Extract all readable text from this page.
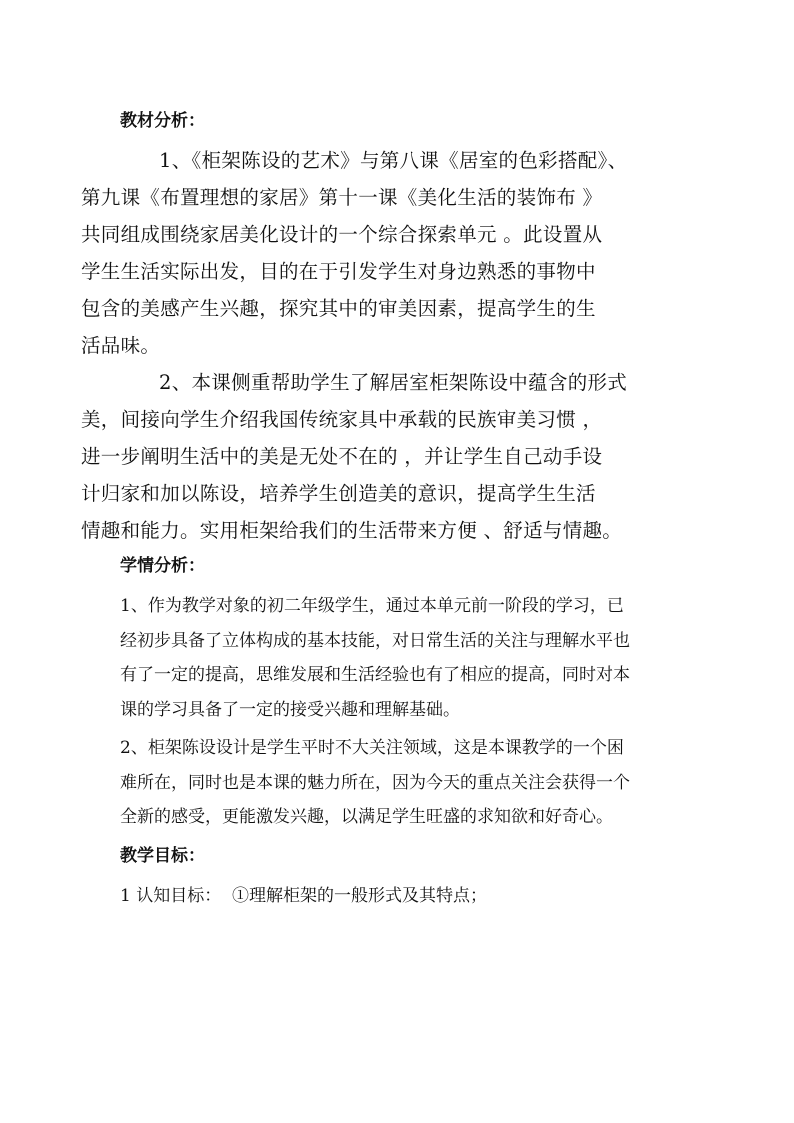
教材分析：

1、《柜架陈设的艺术》与第八课《居室的色彩搭配》、
第九课《布置理想的家居》第十一课《美化生活的装饰布 》
共同组成围绕家居美化设计的一个综合探索单元 。此设置从
学生生活实际出发，目的在于引发学生对身边熟悉的事物中
包含的美感产生兴趣，探究其中的审美因素，提高学生的生
活品味。

2、本课侧重帮助学生了解居室柜架陈设中蕴含的形式
美，间接向学生介绍我国传统家具中承载的民族审美习惯 ，
进一步阐明生活中的美是无处不在的 ，并让学生自己动手设
计归家和加以陈设，培养学生创造美的意识，提高学生生活
情趣和能力。实用柜架给我们的生活带来方便 、舒适与情趣。

学情分析：

1、作为教学对象的初二年级学生，通过本单元前一阶段的学习，已
经初步具备了立体构成的基本技能，对日常生活的关注与理解水平也
有了一定的提高，思维发展和生活经验也有了相应的提高，同时对本
课的学习具备了一定的接受兴趣和理解基础。

2、柜架陈设设计是学生平时不大关注领域，这是本课教学的一个困
难所在，同时也是本课的魅力所在，因为今天的重点关注会获得一个
全新的感受，更能激发兴趣，以满足学生旺盛的求知欲和好奇心。

教学目标：

1 认知目标：  ①理解柜架的一般形式及其特点；
